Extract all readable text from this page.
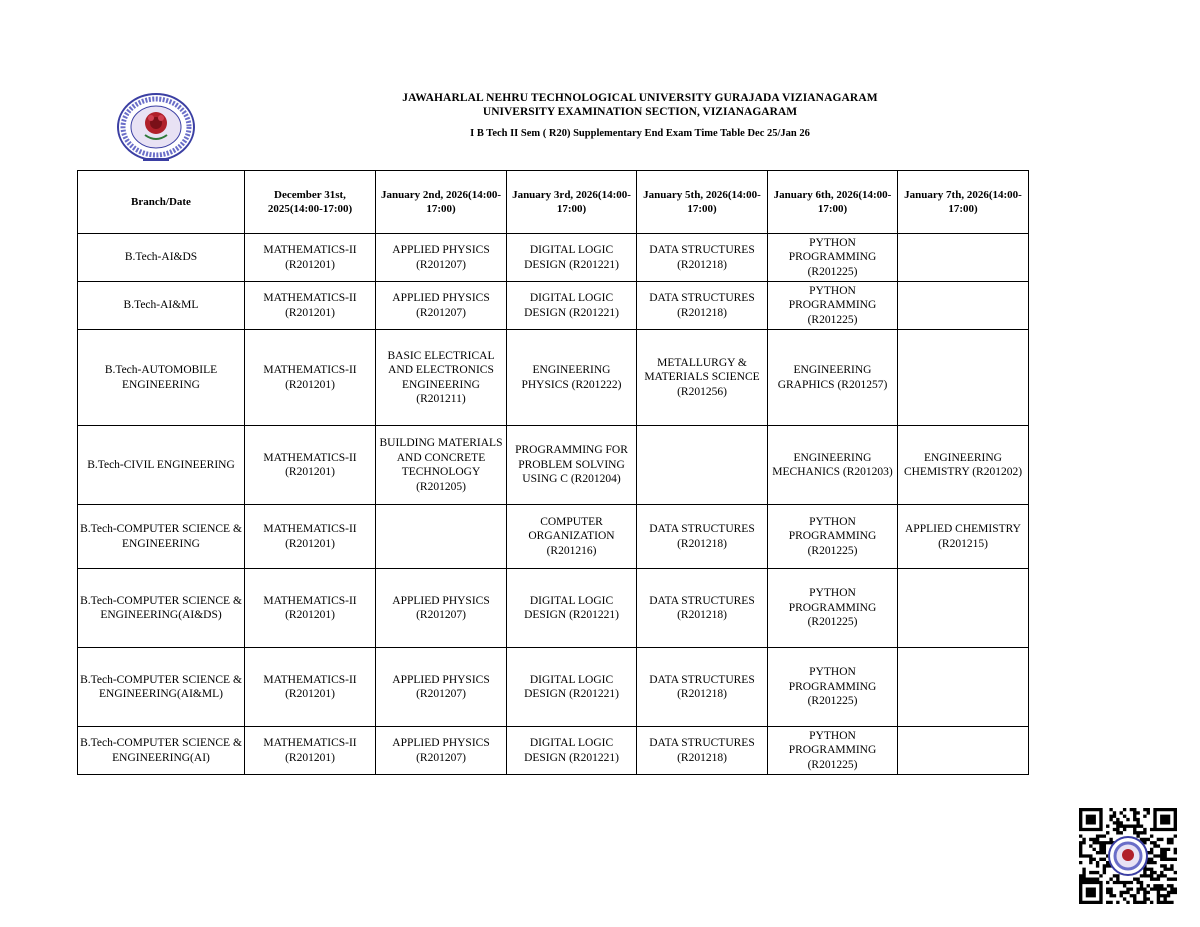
JAWAHARLAL NEHRU TECHNOLOGICAL UNIVERSITY GURAJADA VIZIANAGARAM
UNIVERSITY EXAMINATION SECTION, VIZIANAGARAM
I B Tech II Sem ( R20) Supplementary End Exam Time Table Dec 25/Jan 26
Branch/Date	December 31st, 2025(14:00-17:00)	January 2nd, 2026(14:00-17:00)	January 3rd, 2026(14:00-17:00)	January 5th, 2026(14:00-17:00)	January 6th, 2026(14:00-17:00)	January 7th, 2026(14:00-17:00)
B.Tech-AI&DS	MATHEMATICS-II (R201201)	APPLIED PHYSICS (R201207)	DIGITAL LOGIC DESIGN (R201221)	DATA STRUCTURES (R201218)	PYTHON PROGRAMMING (R201225)	
B.Tech-AI&ML	MATHEMATICS-II (R201201)	APPLIED PHYSICS (R201207)	DIGITAL LOGIC DESIGN (R201221)	DATA STRUCTURES (R201218)	PYTHON PROGRAMMING (R201225)	
B.Tech-AUTOMOBILE ENGINEERING	MATHEMATICS-II (R201201)	BASIC ELECTRICAL AND ELECTRONICS ENGINEERING (R201211)	ENGINEERING PHYSICS (R201222)	METALLURGY & MATERIALS SCIENCE (R201256)	ENGINEERING GRAPHICS (R201257)	
B.Tech-CIVIL ENGINEERING	MATHEMATICS-II (R201201)	BUILDING MATERIALS AND CONCRETE TECHNOLOGY (R201205)	PROGRAMMING FOR PROBLEM SOLVING USING C (R201204)		ENGINEERING MECHANICS (R201203)	ENGINEERING CHEMISTRY (R201202)
B.Tech-COMPUTER SCIENCE & ENGINEERING	MATHEMATICS-II (R201201)		COMPUTER ORGANIZATION (R201216)	DATA STRUCTURES (R201218)	PYTHON PROGRAMMING (R201225)	APPLIED CHEMISTRY (R201215)
B.Tech-COMPUTER SCIENCE & ENGINEERING(AI&DS)	MATHEMATICS-II (R201201)	APPLIED PHYSICS (R201207)	DIGITAL LOGIC DESIGN (R201221)	DATA STRUCTURES (R201218)	PYTHON PROGRAMMING (R201225)	
B.Tech-COMPUTER SCIENCE & ENGINEERING(AI&ML)	MATHEMATICS-II (R201201)	APPLIED PHYSICS (R201207)	DIGITAL LOGIC DESIGN (R201221)	DATA STRUCTURES (R201218)	PYTHON PROGRAMMING (R201225)	
B.Tech-COMPUTER SCIENCE & ENGINEERING(AI)	MATHEMATICS-II (R201201)	APPLIED PHYSICS (R201207)	DIGITAL LOGIC DESIGN (R201221)	DATA STRUCTURES (R201218)	PYTHON PROGRAMMING (R201225)	
